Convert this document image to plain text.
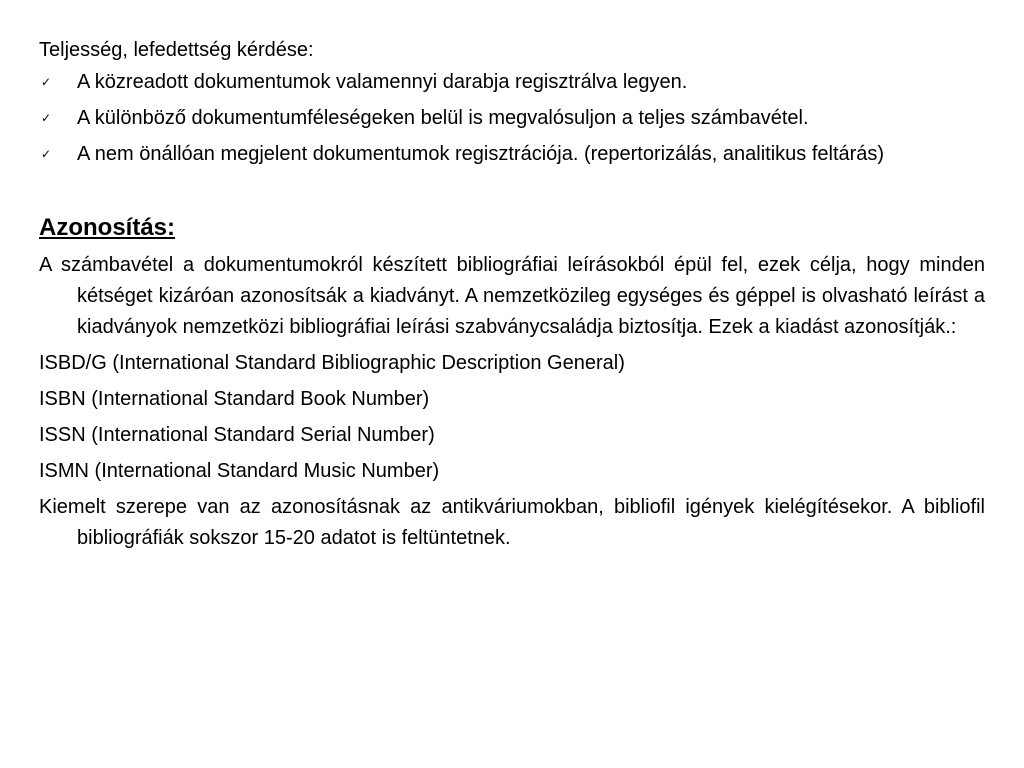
Teljesség, lefedettség kérdése:

✓ A közreadott dokumentumok valamennyi darabja regisztrálva legyen.
✓ A különböző dokumentumféleségeken belül is megvalósuljon a teljes számbavétel.
✓ A nem önállóan megjelent dokumentumok regisztrációja. (repertorizálás, analitikus feltárás)
Azonosítás:

A számbavétel a dokumentumokról készített bibliográfiai leírásokból épül fel, ezek célja, hogy minden kétséget kizáróan azonosítsák a kiadványt. A nemzetközileg egységes és géppel is olvasható leírást a kiadványok nemzetközi bibliográfiai leírási szabványcsaládja biztosítja. Ezek a kiadást azonosítják.:

ISBD/G (International Standard Bibliographic Description General)

ISBN (International Standard Book Number)

ISSN (International Standard Serial Number)

ISMN (International Standard Music Number)

Kiemelt szerepe van az azonosításnak az antikváriumokban, bibliofil igények kielégítésekor. A bibliofil bibliográfiák sokszor 15-20 adatot is feltüntetnek.
